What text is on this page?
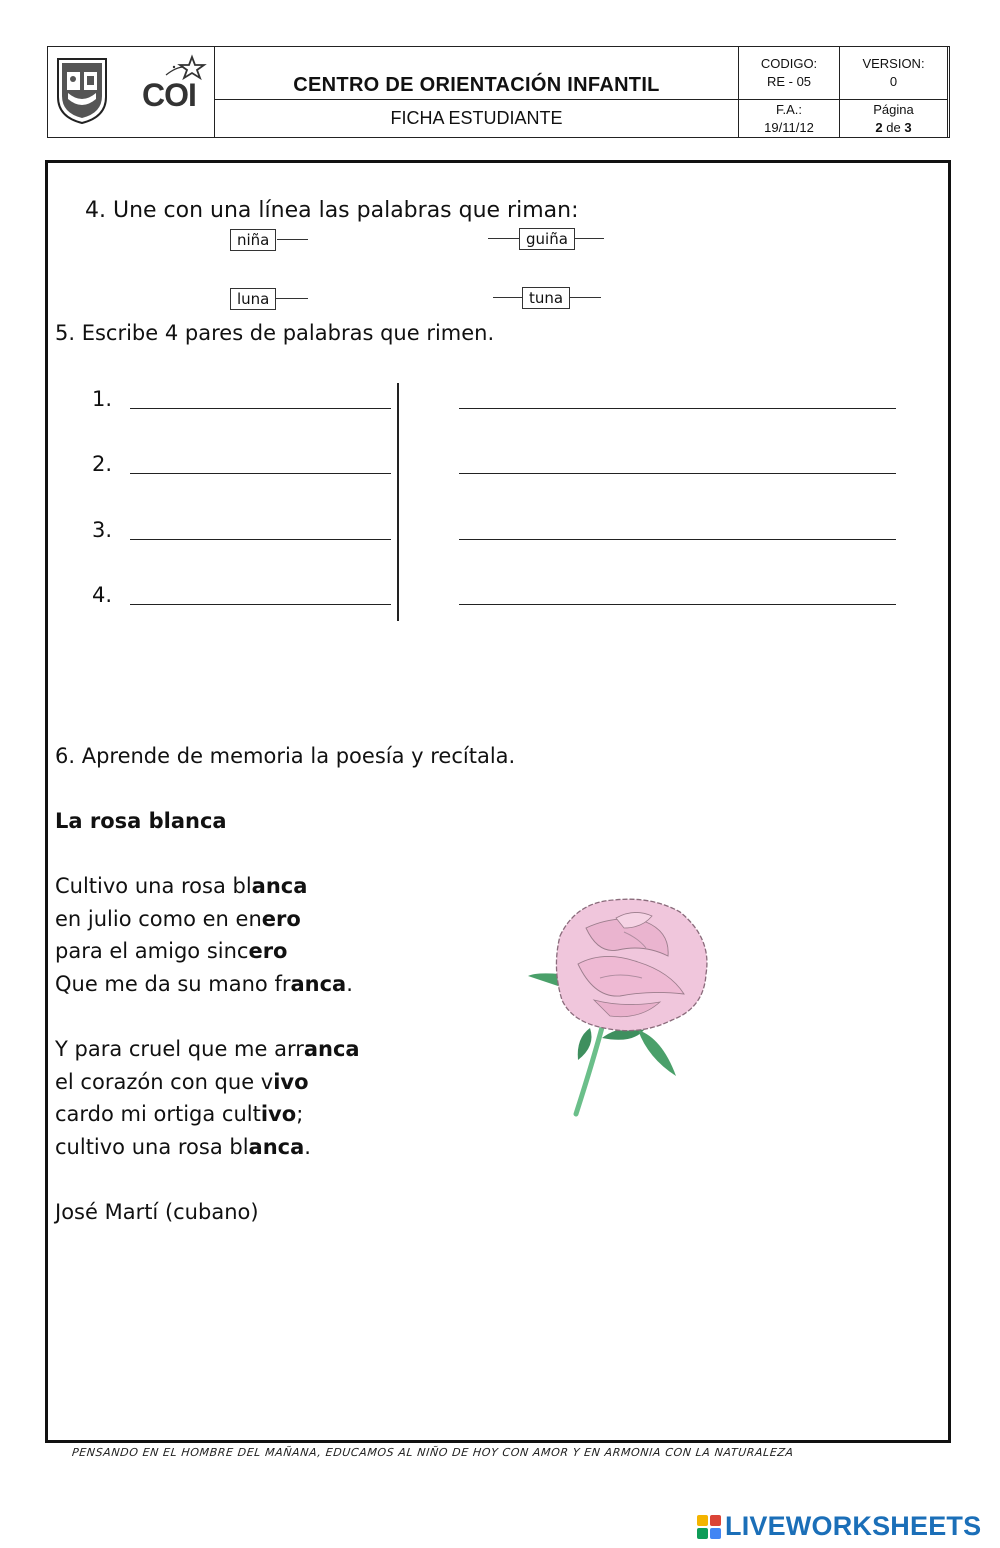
COI	CENTRO DE ORIENTACIÓN INFANTIL
FICHA ESTUDIANTE
CODIGO:
RE - 05
VERSION:
0
F.A.:
19/11/12
Página
2 de 3
4. Une con una línea las palabras que riman:
niña	guiña
luna	tuna
5. Escribe 4 pares de palabras que rimen.
1.
2.
3.
4.
6. Aprende de memoria la poesía y recítala.
La rosa blanca
Cultivo una rosa blanca
en julio como en enero
para el amigo sincero
Que me da su mano franca.
Y para cruel que me arranca
el corazón con que vivo
cardo mi ortiga cultivo;
cultivo una rosa blanca.
José Martí (cubano)
PENSANDO EN EL HOMBRE DEL MAÑANA, EDUCAMOS AL NIÑO DE HOY CON AMOR Y EN ARMONIA CON LA NATURALEZA
LIVEWORKSHEETS
